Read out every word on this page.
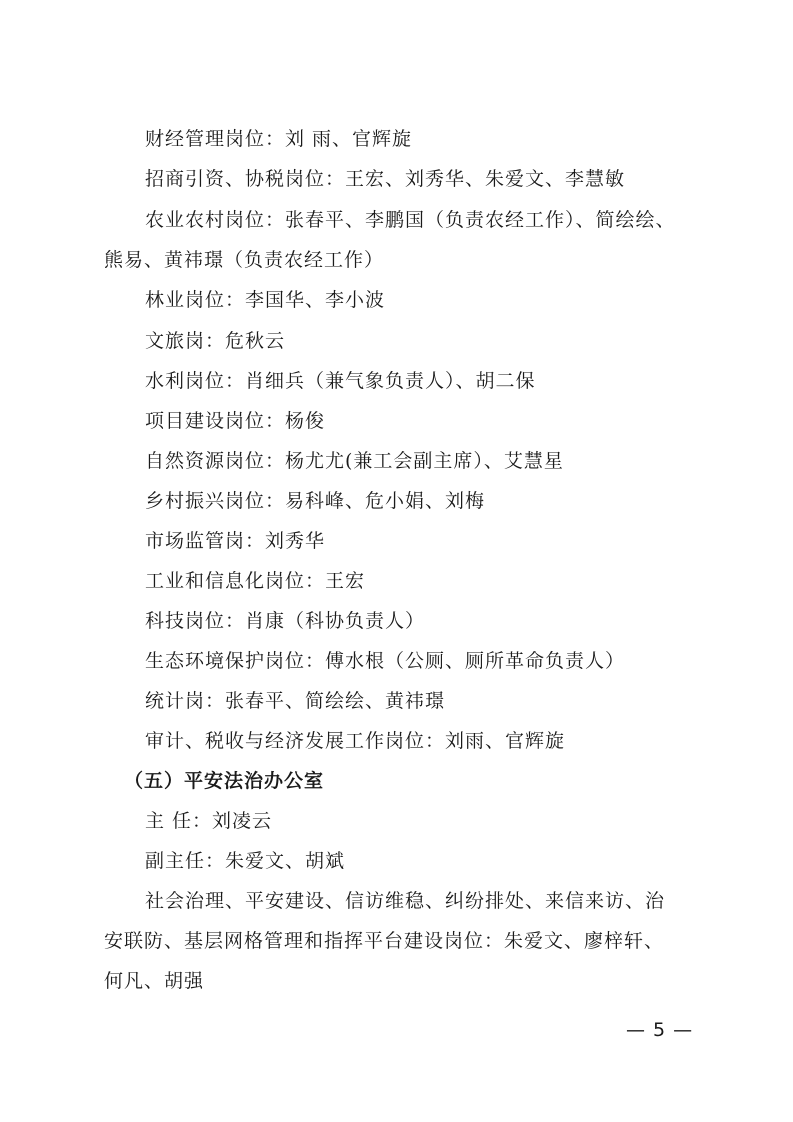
财经管理岗位：刘 雨、官辉旋
招商引资、协税岗位：王宏、刘秀华、朱爱文、李慧敏
农业农村岗位：张春平、李鹏国（负责农经工作）、简绘绘、
熊易、黄祎璟（负责农经工作）
林业岗位：李国华、李小波
文旅岗：危秋云
水利岗位：肖细兵（兼气象负责人）、胡二保
项目建设岗位：杨俊
自然资源岗位：杨尤尤(兼工会副主席）、艾慧星
乡村振兴岗位：易科峰、危小娟、刘梅
市场监管岗：刘秀华
工业和信息化岗位：王宏
科技岗位：肖康（科协负责人）
生态环境保护岗位：傅水根（公厕、厕所革命负责人）
统计岗：张春平、简绘绘、黄祎璟
审计、税收与经济发展工作岗位：刘雨、官辉旋
（五）平安法治办公室
主 任：刘凌云
副主任：朱爱文、胡斌
社会治理、平安建设、信访维稳、纠纷排处、来信来访、治
安联防、基层网格管理和指挥平台建设岗位：朱爱文、廖梓轩、
何凡、胡强
— 5 —
